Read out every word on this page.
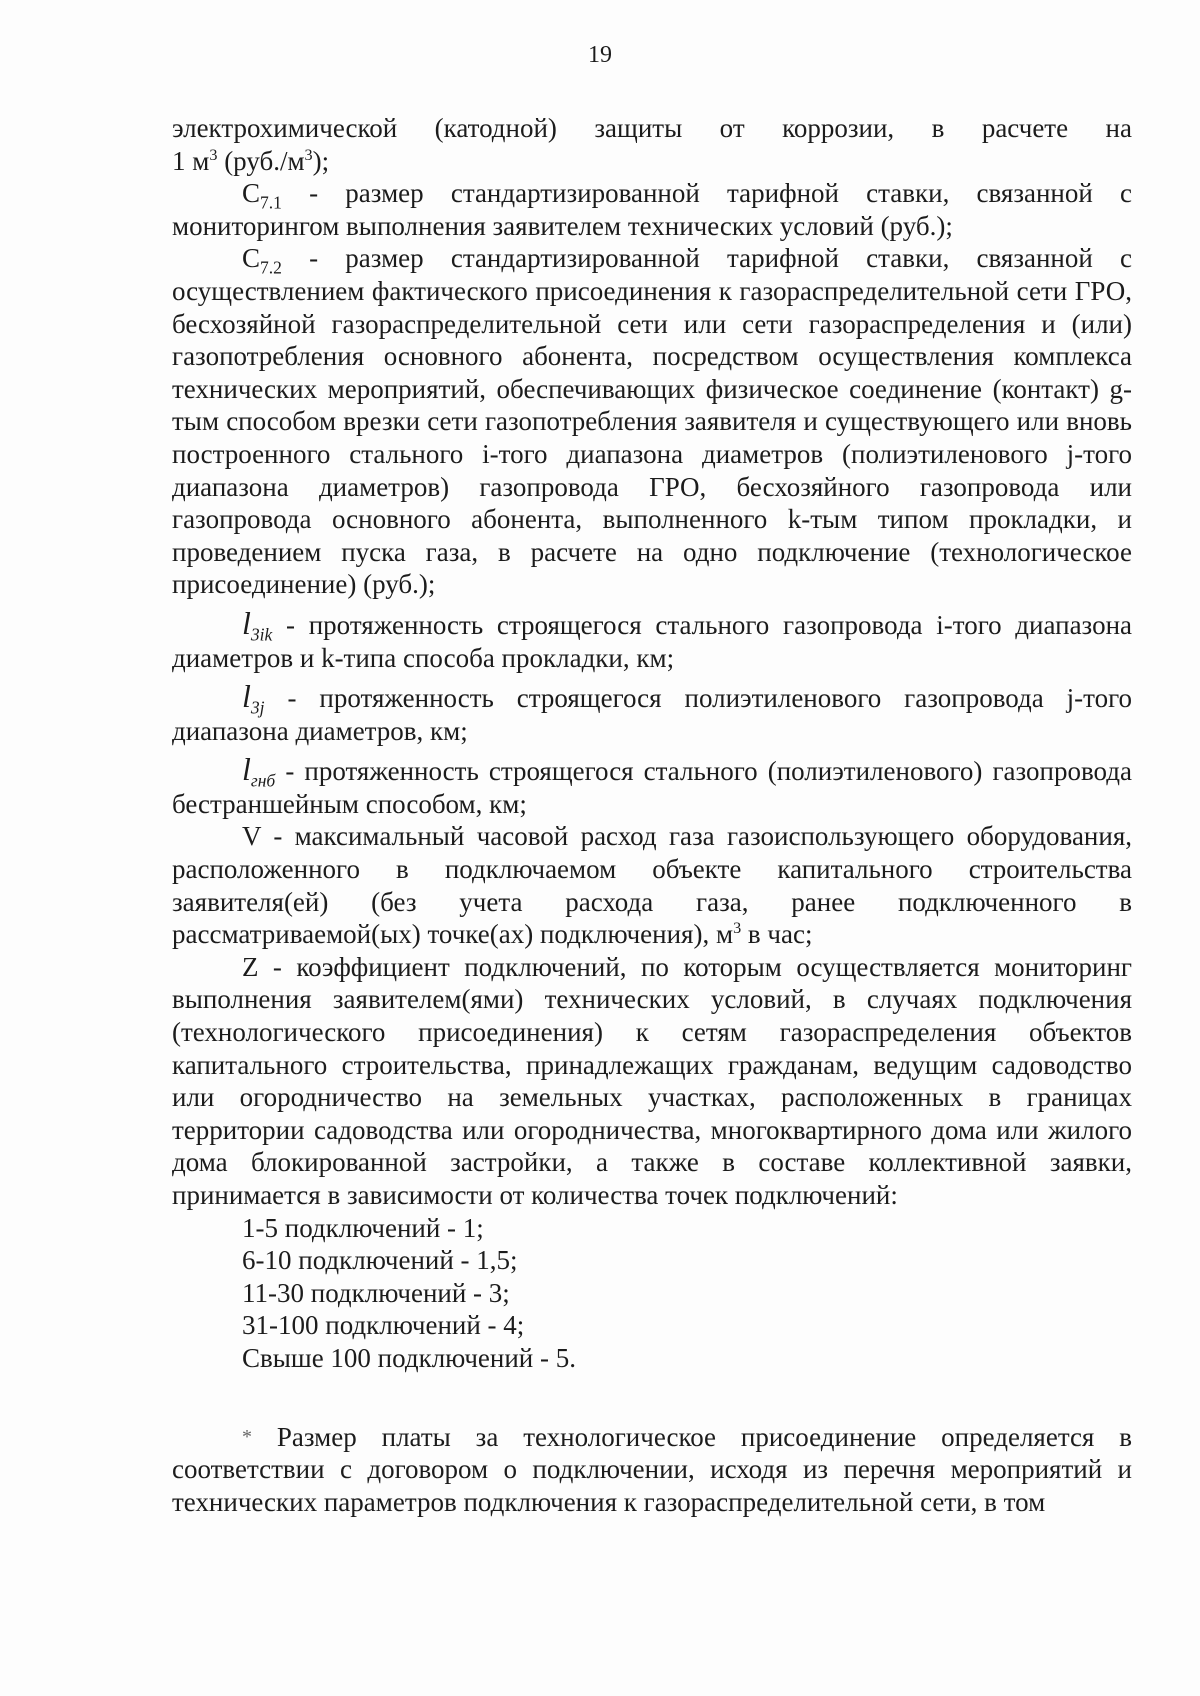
19

электрохимической (катодной) защиты от коррозии, в расчете на

1 $м^3$ $(руб./м^3)$;

$С_{7.1}$ - размер стандартизированной тарифной ставки, связанной с мониторингом выполнения заявителем технических условий (руб.);

$С_{7.2}$ - размер стандартизированной тарифной ставки, связанной с осуществлением фактического присоединения к газораспределительной сети ГРО, бесхозяйной газораспределительной сети или сети газораспределения и (или) газопотребления основного абонента, посредством осуществления комплекса технических мероприятий, обеспечивающих физическое соединение (контакт) g-тым способом врезки сети газопотребления заявителя и существующего или вновь построенного стального i-того диапазона диаметров (полиэтиленового j-того диапазона диаметров) газопровода ГРО, бесхозяйного газопровода или газопровода основного абонента, выполненного k-тым типом прокладки, и проведением пуска газа, в расчете на одно подключение (технологическое присоединение) (руб.);

$l_{3ik}$ - протяженность строящегося стального газопровода i-того диапазона диаметров и k-типа способа прокладки, км;

$l_{3j}$ - протяженность строящегося полиэтиленового газопровода j-того диапазона диаметров, км;

$l_{гнб}$ - протяженность строящегося стального (полиэтиленового) газопровода бестраншейным способом, км;

V - максимальный часовой расход газа газоиспользующего оборудования, расположенного в подключаемом объекте капитального строительства заявителя(ей) (без учета расхода газа, ранее подключенного в рассматриваемой(ых) точке(ах) подключения), $м^3$ в час;

Z - коэффициент подключений, по которым осуществляется мониторинг выполнения заявителем(ями) технических условий, в случаях подключения (технологического присоединения) к сетям газораспределения объектов капитального строительства, принадлежащих гражданам, ведущим садоводство или огородничество на земельных участках, расположенных в границах территории садоводства или огородничества, многоквартирного дома или жилого дома блокированной застройки, а также в составе коллективной заявки, принимается в зависимости от количества точек подключений:

1-5 подключений - 1;
6-10 подключений - 1,5;
11-30 подключений - 3;
31-100 подключений - 4;
Свыше 100 подключений - 5.

* Размер платы за технологическое присоединение определяется в соответствии с договором о подключении, исходя из перечня мероприятий и технических параметров подключения к газораспределительной сети, в том
